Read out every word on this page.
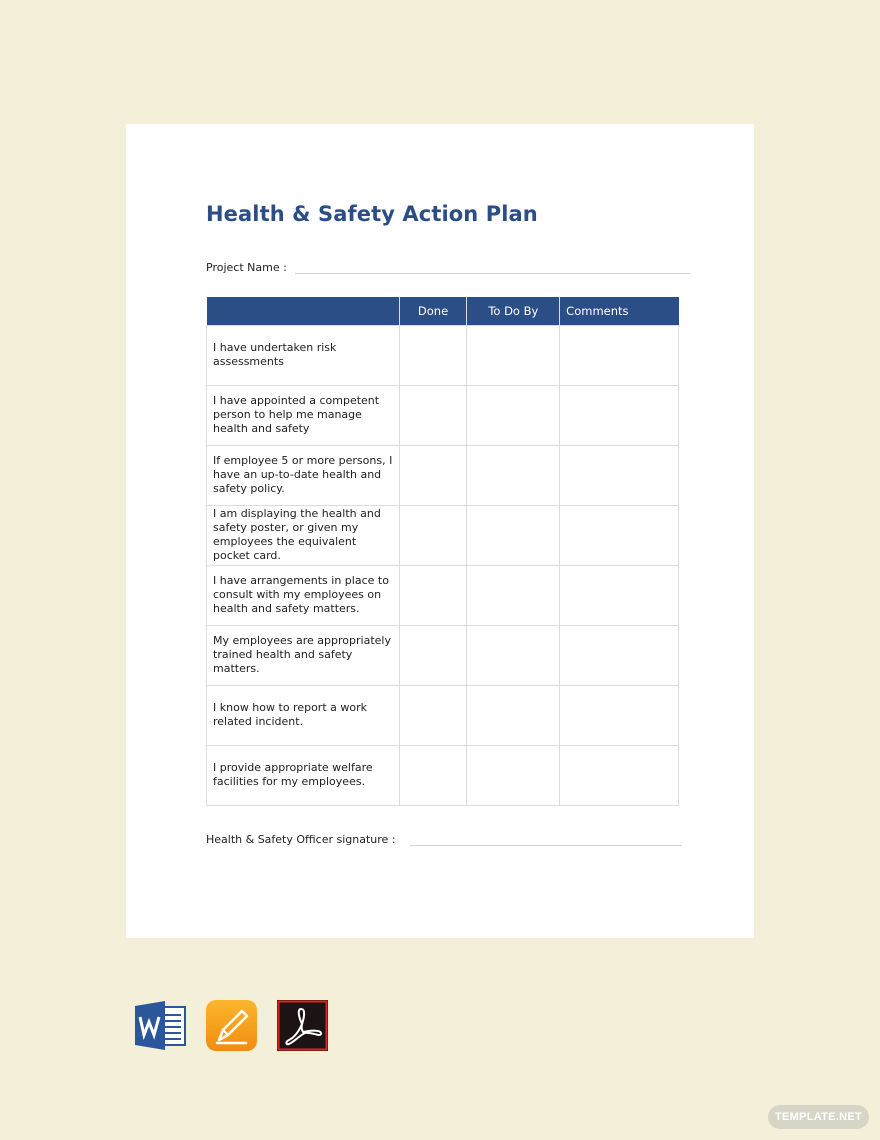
Health & Safety Action Plan
Project Name :
	Done	To Do By	Comments
I have undertaken risk assessments			
I have appointed a competent person to help me manage health and safety			
If employee 5 or more persons, I have an up-to-date health and safety policy.			
I am displaying the health and safety poster, or given my employees the equivalent pocket card.			
I have arrangements in place to consult with my employees on health and safety matters.			
My employees are appropriately trained health and safety matters.			
I know how to report a work related incident.			
I provide appropriate welfare facilities for my employees.			
Health & Safety Officer signature :
TEMPLATE.NET
